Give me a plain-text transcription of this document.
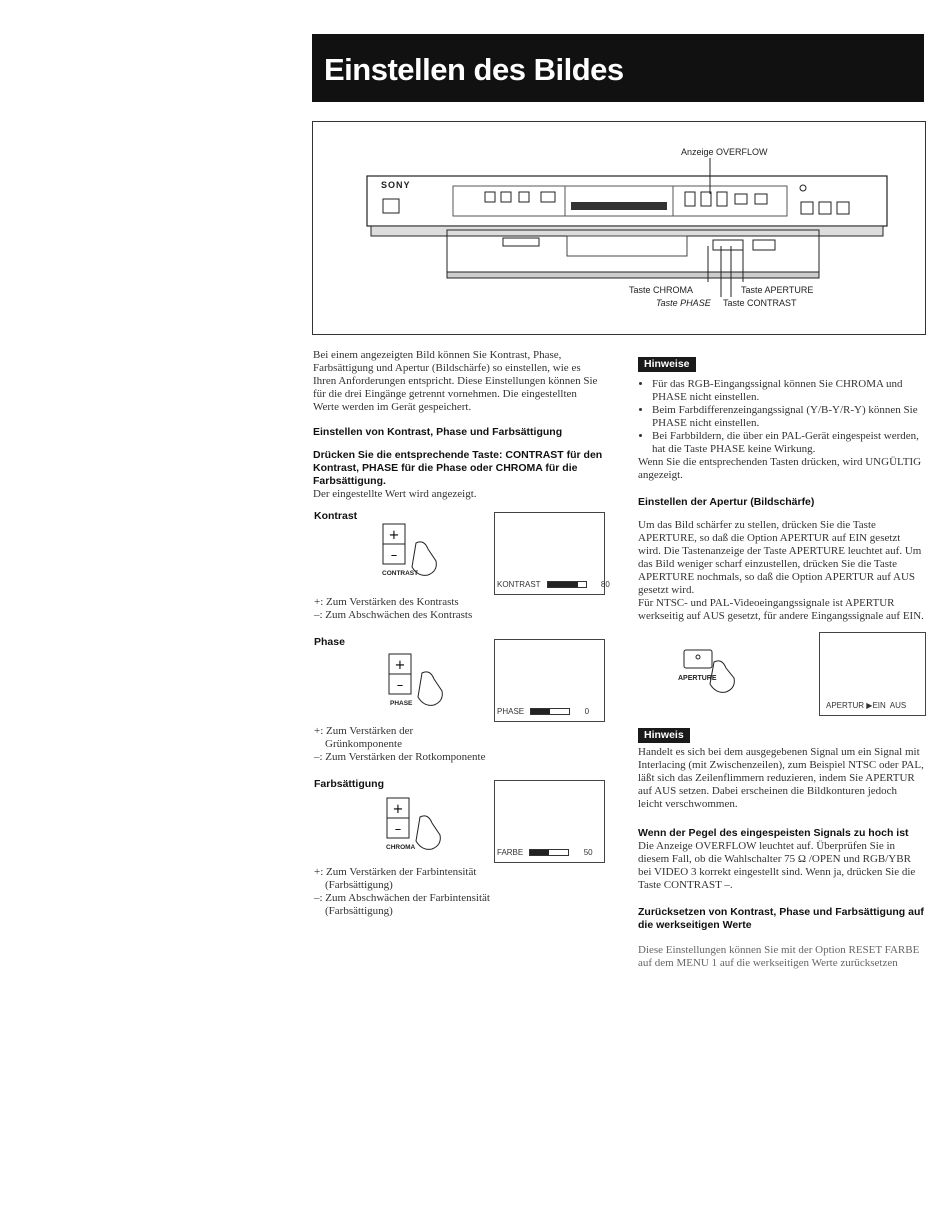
Einstellen des Bildes
SONY
Anzeige OVERFLOW
Taste CHROMA
Taste PHASE
Taste APERTURE
Taste CONTRAST

Bei einem angezeigten Bild können Sie Kontrast, Phase, Farbsättigung und Apertur (Bildschärfe) so einstellen, wie es Ihren Anforderungen entspricht. Diese Einstellungen können Sie für die drei Eingänge getrennt vornehmen. Die eingestellten Werte werden im Gerät gespeichert.

Einstellen von Kontrast, Phase und Farbsättigung

Drücken Sie die entsprechende Taste: CONTRAST für den Kontrast, PHASE für die Phase oder CHROMA für die Farbsättigung.

Der eingestellte Wert wird angezeigt.

Kontrast
+
–
CONTRAST
KONTRAST	80
+: Zum Verstärken des Kontrasts
–: Zum Abschwächen des Kontrasts
Phase
+
–
PHASE
PHASE	0
+: Zum Verstärken der
Grünkomponente
–: Zum Verstärken der Rotkomponente
Farbsättigung
+
–
CHROMA
FARBE	50
+: Zum Verstärken der Farbintensität
(Farbsättigung)
–: Zum Abschwächen der Farbintensität
(Farbsättigung)
Hinweise
• Für das RGB-Eingangssignal können Sie CHROMA und PHASE nicht einstellen.
• Beim Farbdifferenzeingangssignal (Y/B-Y/R-Y) können Sie PHASE nicht einstellen.
• Bei Farbbildern, die über ein PAL-Gerät eingespeist werden, hat die Taste PHASE keine Wirkung.

Wenn Sie die entsprechenden Tasten drücken, wird UNGÜLTIG angezeigt.

Einstellen der Apertur (Bildschärfe)

Um das Bild schärfer zu stellen, drücken Sie die Taste APERTURE, so daß die Option APERTUR auf EIN gesetzt wird. Die Tastenanzeige der Taste APERTURE leuchtet auf. Um das Bild weniger scharf einzustellen, drücken Sie die Taste APERTURE nochmals, so daß die Option APERTUR auf AUS gesetzt wird.

Für NTSC- und PAL-Videoeingangssignale ist APERTUR werkseitig auf AUS gesetzt, für andere Eingangssignale auf EIN.

APERTURE
APERTUR ▶EIN  AUS
Hinweis

Handelt es sich bei dem ausgegebenen Signal um ein Signal mit Interlacing (mit Zwischenzeilen), zum Beispiel NTSC oder PAL, läßt sich das Zeilenflimmern reduzieren, indem Sie APERTUR auf AUS setzen. Dabei erscheinen die Bildkonturen jedoch leicht verschwommen.

Wenn der Pegel des eingespeisten Signals zu hoch ist

Die Anzeige OVERFLOW leuchtet auf. Überprüfen Sie in diesem Fall, ob die Wahlschalter 75 Ω /OPEN und RGB/YBR bei VIDEO 3 korrekt eingestellt sind. Wenn ja, drücken Sie die Taste CONTRAST –.

Zurücksetzen von Kontrast, Phase und Farbsättigung auf die werkseitigen Werte

Diese Einstellungen können Sie mit der Option RESET FARBE auf dem MENU 1 auf die werkseitigen Werte zurücksetzen
